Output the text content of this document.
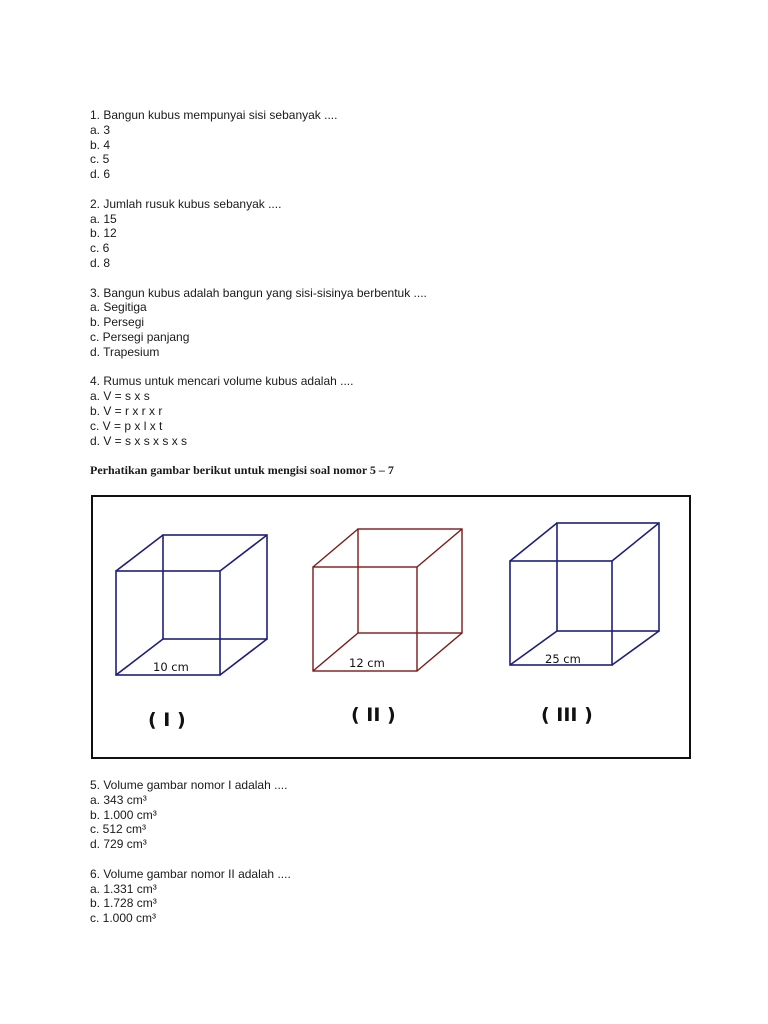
1. Bangun kubus mempunyai sisi sebanyak ....
a. 3
b. 4
c. 5
d. 6
2. Jumlah rusuk kubus sebanyak ....
a. 15
b. 12
c. 6
d. 8
3. Bangun kubus adalah bangun yang sisi-sisinya berbentuk ....
a. Segitiga
b. Persegi
c. Persegi panjang
d. Trapesium
4. Rumus untuk mencari volume kubus adalah ....
a. V = s x s
b. V = r x r x r
c. V = p x l x t
d. V = s x s x s x s
Perhatikan gambar berikut untuk mengisi soal nomor 5 – 7
10 cm
( I )
12 cm
( II )
25 cm
( III )
5. Volume gambar nomor I adalah ....
a. 343 cm³
b. 1.000 cm³
c. 512 cm³
d. 729 cm³
6. Volume gambar nomor II adalah ....
a. 1.331 cm³
b. 1.728 cm³
c. 1.000 cm³
